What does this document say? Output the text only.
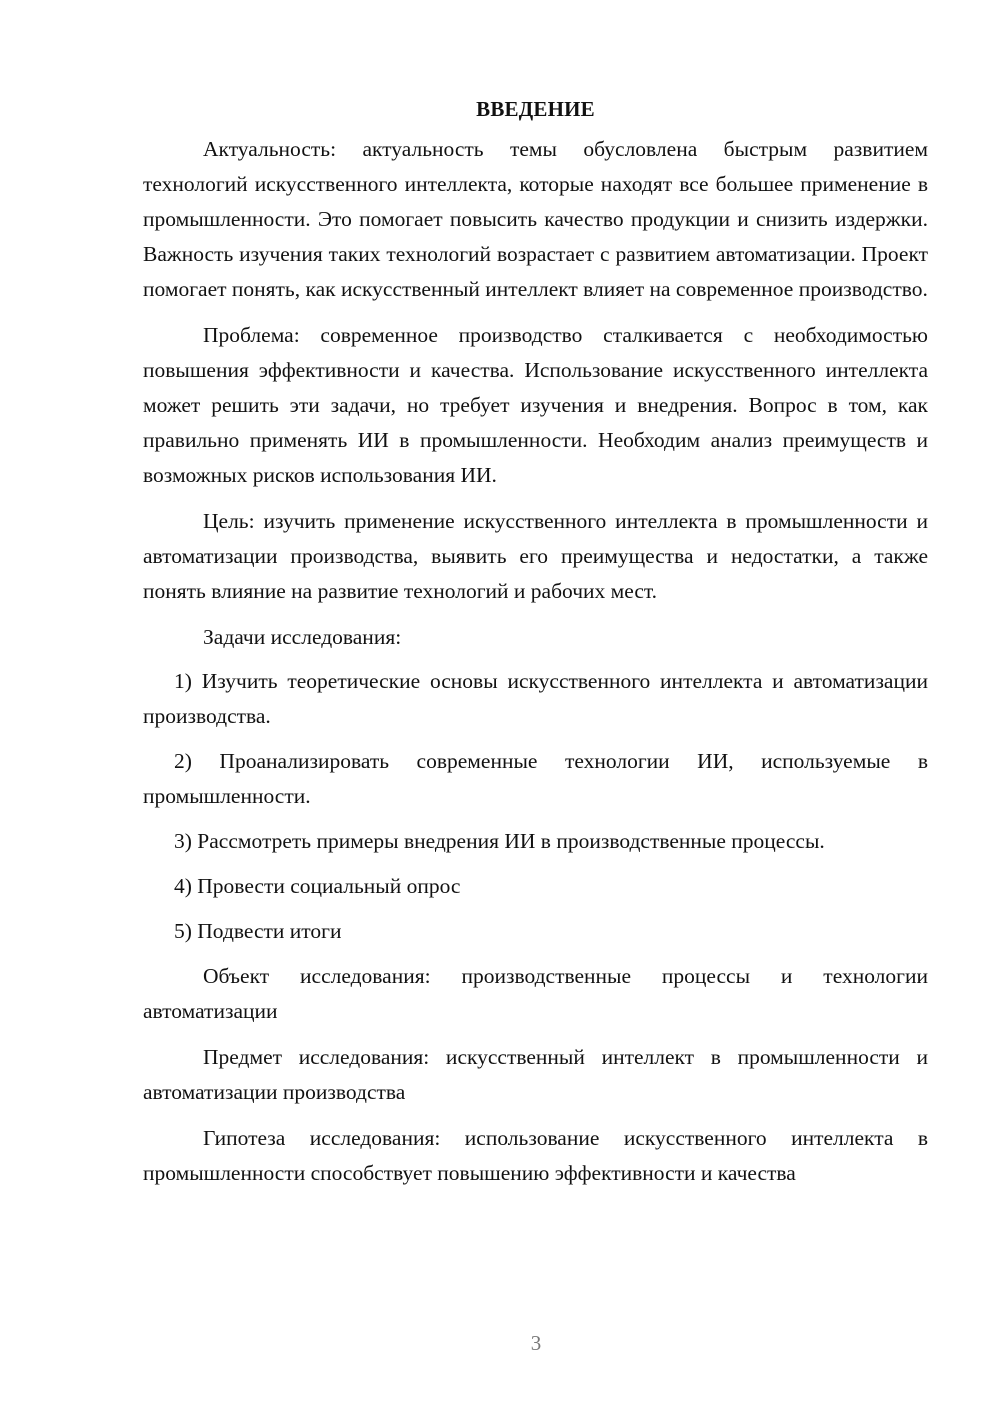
ВВЕДЕНИЕ

Актуальность: актуальность темы обусловлена быстрым развитием технологий искусственного интеллекта, которые находят все большее применение в промышленности. Это помогает повысить качество продукции и снизить издержки. Важность изучения таких технологий возрастает с развитием автоматизации. Проект помогает понять, как искусственный интеллект влияет на современное производство.

Проблема: современное производство сталкивается с необходимостью повышения эффективности и качества. Использование искусственного интеллекта может решить эти задачи, но требует изучения и внедрения. Вопрос в том, как правильно применять ИИ в промышленности. Необходим анализ преимуществ и возможных рисков использования ИИ.

Цель: изучить применение искусственного интеллекта в промышленности и автоматизации производства, выявить его преимущества и недостатки, а также понять влияние на развитие технологий и рабочих мест.

Задачи исследования:

1) Изучить теоретические основы искусственного интеллекта и автоматизации производства.

2) Проанализировать современные технологии ИИ, используемые в промышленности.

3) Рассмотреть примеры внедрения ИИ в производственные процессы.

4) Провести социальный опрос

5) Подвести итоги

Объект исследования: производственные процессы и технологии автоматизации

Предмет исследования: искусственный интеллект в промышленности и автоматизации производства

Гипотеза исследования: использование искусственного интеллекта в промышленности способствует повышению эффективности и качества

3
